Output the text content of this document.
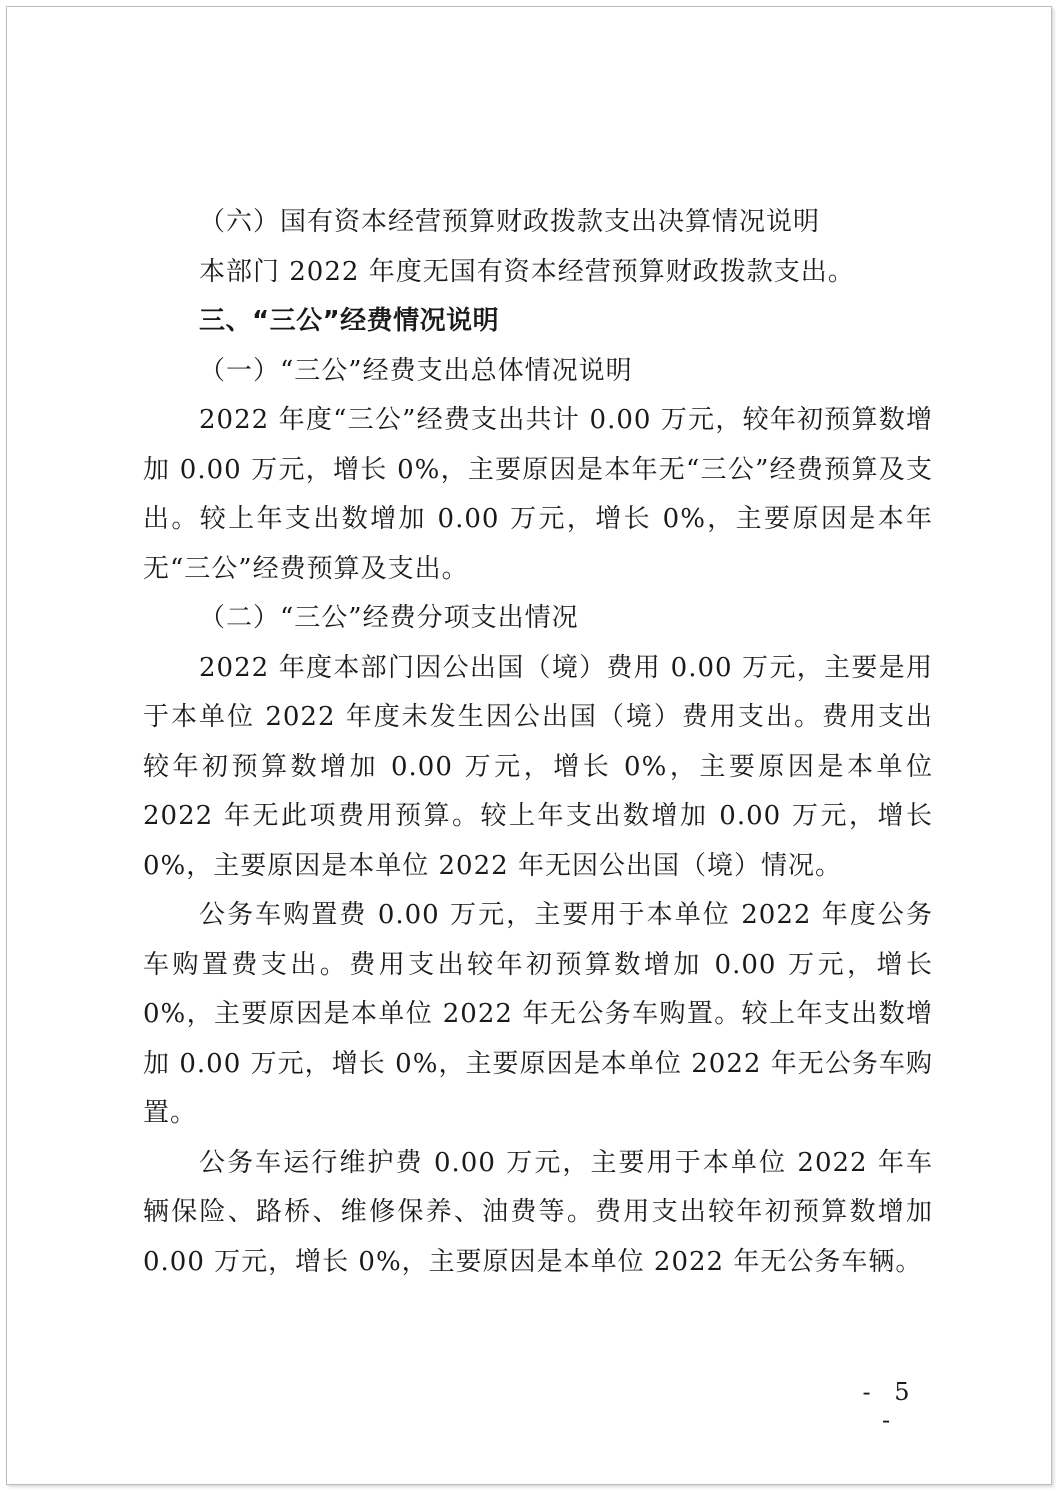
（六）国有资本经营预算财政拨款支出决算情况说明

本部门 2022 年度无国有资本经营预算财政拨款支出。

三、“三公”经费情况说明

（一）“三公”经费支出总体情况说明

2022 年度“三公”经费支出共计 0.00 万元，较年初预算数增加 0.00 万元，增长 0%，主要原因是本年无“三公”经费预算及支出。较上年支出数增加 0.00 万元，增长 0%，主要原因是本年无“三公”经费预算及支出。

（二）“三公”经费分项支出情况

2022 年度本部门因公出国（境）费用 0.00 万元，主要是用于本单位 2022 年度未发生因公出国（境）费用支出。费用支出较年初预算数增加 0.00 万元，增长 0%，主要原因是本单位 2022 年无此项费用预算。较上年支出数增加 0.00 万元，增长 0%，主要原因是本单位 2022 年无因公出国（境）情况。

公务车购置费 0.00 万元，主要用于本单位 2022 年度公务车购置费支出。费用支出较年初预算数增加 0.00 万元，增长 0%，主要原因是本单位 2022 年无公务车购置。较上年支出数增加 0.00 万元，增长 0%，主要原因是本单位 2022 年无公务车购置。

公务车运行维护费 0.00 万元，主要用于本单位 2022 年车辆保险、路桥、维修保养、油费等。费用支出较年初预算数增加 0.00 万元，增长 0%，主要原因是本单位 2022 年无公务车辆。

- 5 -
